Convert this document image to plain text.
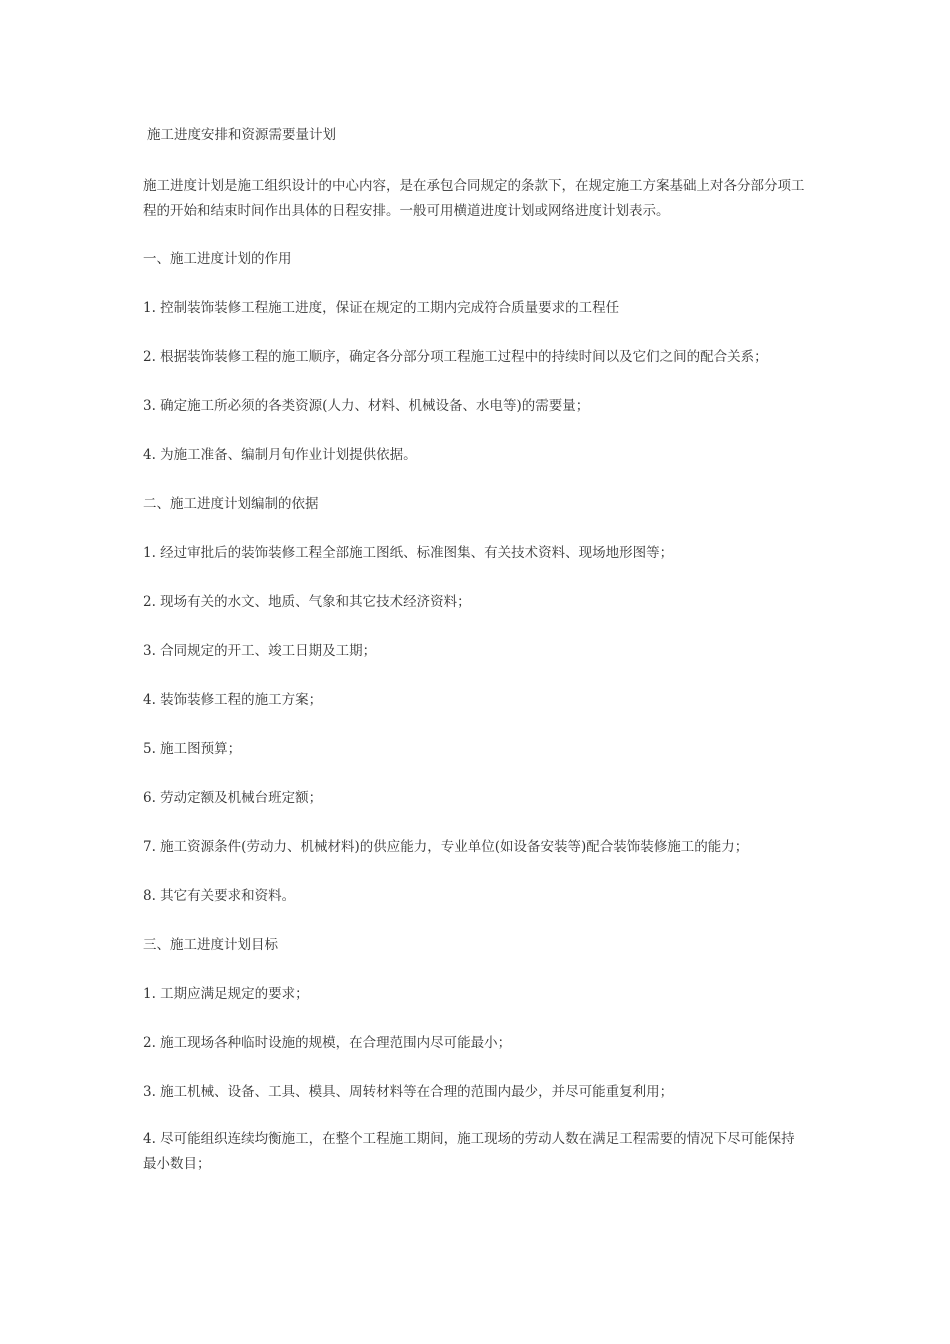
施工进度安排和资源需要量计划

施工进度计划是施工组织设计的中心内容，是在承包合同规定的条款下，在规定施工方案基础上对各分部分项工程的开始和结束时间作出具体的日程安排。一般可用横道进度计划或网络进度计划表示。

一、施工进度计划的作用

1. 控制装饰装修工程施工进度，保证在规定的工期内完成符合质量要求的工程任

2. 根据装饰装修工程的施工顺序，确定各分部分项工程施工过程中的持续时间以及它们之间的配合关系；

3. 确定施工所必须的各类资源(人力、材料、机械设备、水电等)的需要量；

4. 为施工准备、编制月旬作业计划提供依据。

二、施工进度计划编制的依据

1. 经过审批后的装饰装修工程全部施工图纸、标准图集、有关技术资料、现场地形图等；

2. 现场有关的水文、地质、气象和其它技术经济资料；

3. 合同规定的开工、竣工日期及工期；

4. 装饰装修工程的施工方案；

5. 施工图预算；

6. 劳动定额及机械台班定额；

7. 施工资源条件(劳动力、机械材料)的供应能力，专业单位(如设备安装等)配合装饰装修施工的能力；

8. 其它有关要求和资料。

三、施工进度计划目标

1. 工期应满足规定的要求；

2. 施工现场各种临时设施的规模，在合理范围内尽可能最小；

3. 施工机械、设备、工具、模具、周转材料等在合理的范围内最少，并尽可能重复利用；

4. 尽可能组织连续均衡施工，在整个工程施工期间，施工现场的劳动人数在满足工程需要的情况下尽可能保持最小数目；
